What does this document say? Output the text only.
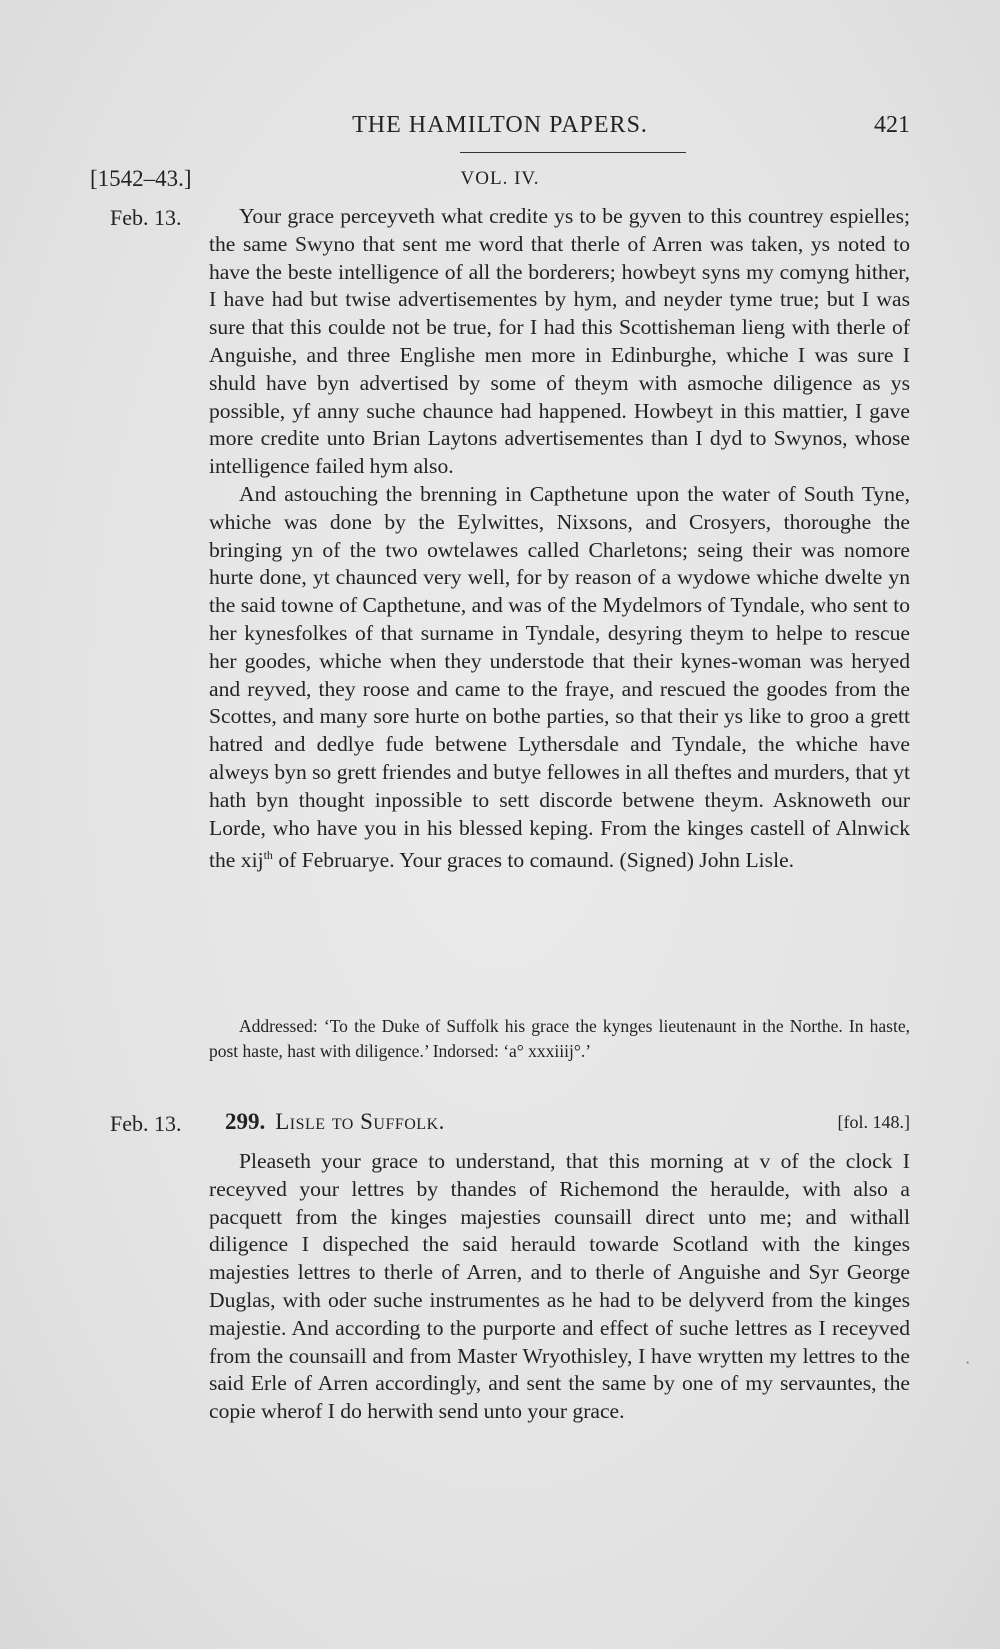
THE HAMILTON PAPERS.	421
[1542–43.]	VOL. IV.
Feb. 13.	Your grace perceyveth what credite ys to be gyven to this countrey espielles; the same Swyno that sent me word that therle of Arren was taken, ys noted to have the beste intelligence of all the borderers; howbeyt syns my comyng hither, I have had but twise advertisementes by hym, and neyder tyme true; but I was sure that this coulde not be true, for I had this Scottisheman lieng with therle of Anguishe, and three Englishe men more in Edinburghe, whiche I was sure I shuld have byn advertised by some of theym with asmoche diligence as ys possible, yf anny suche chaunce had happened. Howbeyt in this mattier, I gave more credite unto Brian Laytons advertisementes than I dyd to Swynos, whose intelligence failed hym also.

And astouching the brenning in Capthetune upon the water of South Tyne, whiche was done by the Eylwittes, Nixsons, and Crosyers, thoroughe the bringing yn of the two owtelawes called Charletons; seing their was nomore hurte done, yt chaunced very well, for by reason of a wydowe whiche dwelte yn the said towne of Capthetune, and was of the Mydelmors of Tyndale, who sent to her kynesfolkes of that surname in Tyndale, desyring theym to helpe to rescue her goodes, whiche when they understode that their kynes-woman was heryed and reyved, they roose and came to the fraye, and rescued the goodes from the Scottes, and many sore hurte on bothe parties, so that their ys like to groo a grett hatred and dedlye fude betwene Lythersdale and Tyndale, the whiche have alweys byn so grett friendes and butye fellowes in all theftes and murders, that yt hath byn thought inpossible to sett discorde betwene theym. Asknoweth our Lorde, who have you in his blessed keping. From the kinges castell of Alnwick the xij$^{th}$ of Februarye. Your graces to comaund. (Signed) John Lisle.

Addressed: ‘To the Duke of Suffolk his grace the kynges lieutenaunt in the Northe. In haste, post haste, hast with diligence.’ Indorsed: ‘a° xxxiiij°.’
Feb. 13. 299. Lisle to Suffolk.	[fol. 148.]

Pleaseth your grace to understand, that this morning at v of the clock I receyved your lettres by thandes of Richemond the heraulde, with also a pacquett from the kinges majesties counsaill direct unto me; and withall diligence I dispeched the said herauld towarde Scotland with the kinges majesties lettres to therle of Arren, and to therle of Anguishe and Syr George Duglas, with oder suche instrumentes as he had to be delyverd from the kinges majestie. And according to the purporte and effect of suche lettres as I receyved from the counsaill and from Master Wryothisley, I have wrytten my lettres to the said Erle of Arren accordingly, and sent the same by one of my servauntes, the copie wherof I do herwith send unto your grace.

·
